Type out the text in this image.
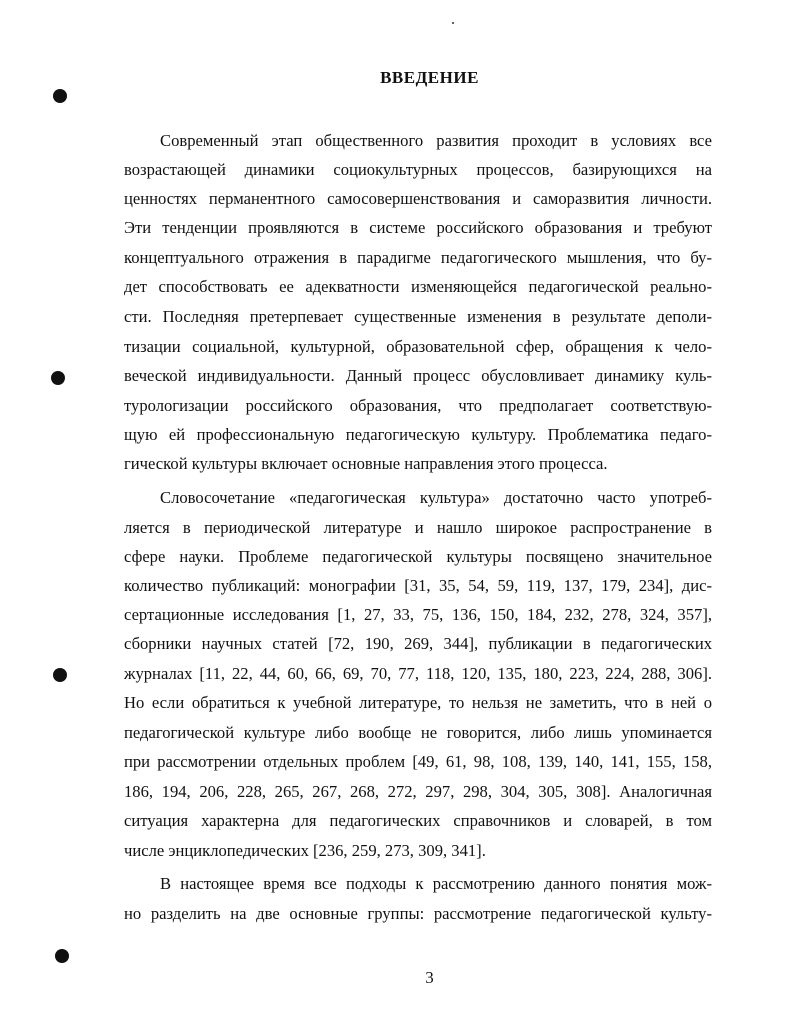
ВВЕДЕНИЕ
Современный этап общественного развития проходит в условиях все
возрастающей динамики социокультурных процессов, базирующихся на
ценностях перманентного самосовершенствования и саморазвития личности.
Эти тенденции проявляются в системе российского образования и требуют
концептуального отражения в парадигме педагогического мышления, что бу-
дет способствовать ее адекватности изменяющейся педагогической реально-
сти. Последняя претерпевает существенные изменения в результате деполи-
тизации социальной, культурной, образовательной сфер, обращения к чело-
веческой индивидуальности. Данный процесс обусловливает динамику куль-
турологизации российского образования, что предполагает соответствую-
щую ей профессиональную педагогическую культуру. Проблематика педаго-
гической культуры включает основные направления этого процесса.
Словосочетание «педагогическая культура» достаточно часто употреб-
ляется в периодической литературе и нашло широкое распространение в
сфере науки. Проблеме педагогической культуры посвящено значительное
количество публикаций: монографии [31, 35, 54, 59, 119, 137, 179, 234], дис-
сертационные исследования [1, 27, 33, 75, 136, 150, 184, 232, 278, 324, 357],
сборники научных статей [72, 190, 269, 344], публикации в педагогических
журналах [11, 22, 44, 60, 66, 69, 70, 77, 118, 120, 135, 180, 223, 224, 288, 306].
Но если обратиться к учебной литературе, то нельзя не заметить, что в ней о
педагогической культуре либо вообще не говорится, либо лишь упоминается
при рассмотрении отдельных проблем [49, 61, 98, 108, 139, 140, 141, 155, 158,
186, 194, 206, 228, 265, 267, 268, 272, 297, 298, 304, 305, 308]. Аналогичная
ситуация характерна для педагогических справочников и словарей, в том
числе энциклопедических [236, 259, 273, 309, 341].
В настоящее время все подходы к рассмотрению данного понятия мож-
но разделить на две основные группы: рассмотрение педагогической культу-
3
